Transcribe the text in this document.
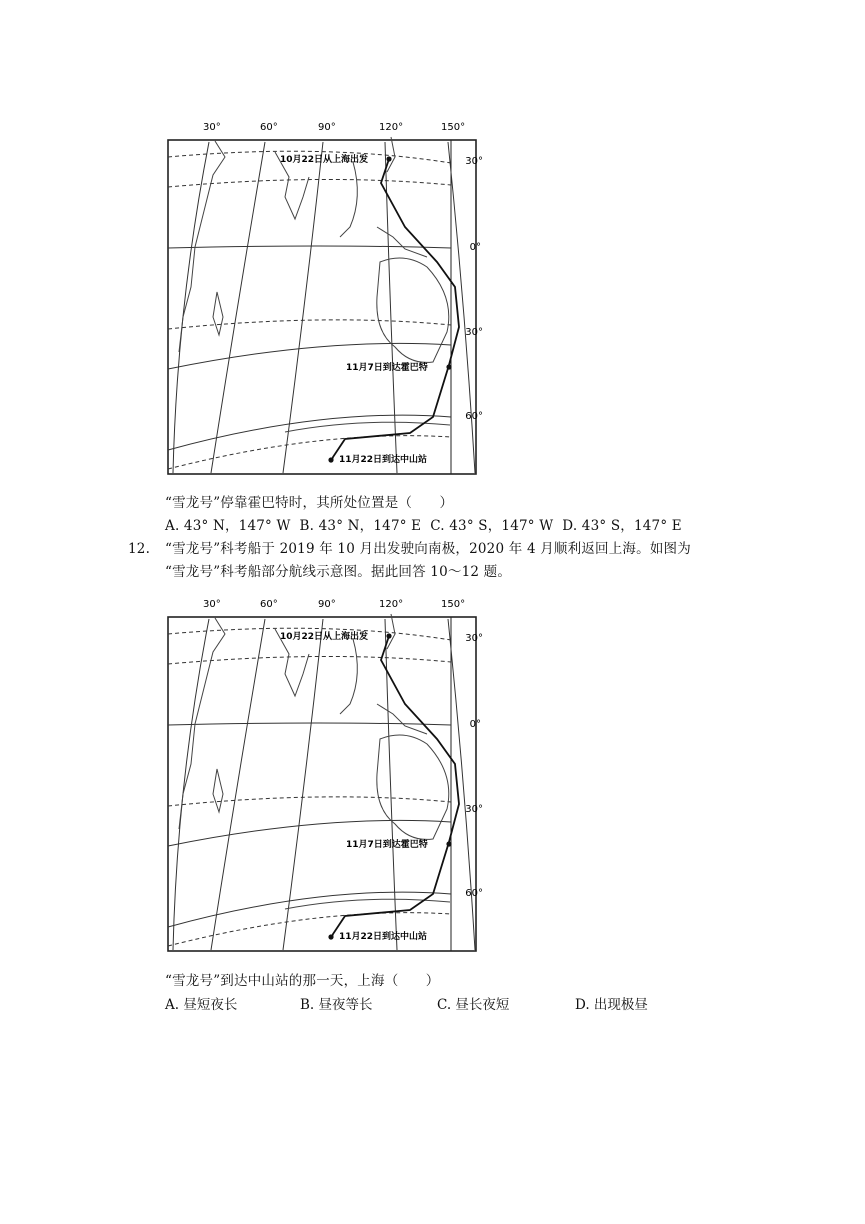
30°	60°	90°	120°	150°
30°
0°
30°
60°
10月22日从上海出发
11月7日到达霍巴特
11月22日到达中山站
“雪龙号”停靠霍巴特时，其所处位置是（　　）
A. 43° N，147° W  B. 43° N，147° E  C. 43° S，147° W  D. 43° S，147° E
12. “雪龙号”科考船于 2019 年 10 月出发驶向南极，2020 年 4 月顺利返回上海。如图为
“雪龙号”科考船部分航线示意图。据此回答 10～12 题。
30°	60°	90°	120°	150°
30°
0°
30°
60°
10月22日从上海出发
11月7日到达霍巴特
11月22日到达中山站
“雪龙号”到达中山站的那一天，上海（　　）
A. 昼短夜长	B. 昼夜等长	C. 昼长夜短	D. 出现极昼
